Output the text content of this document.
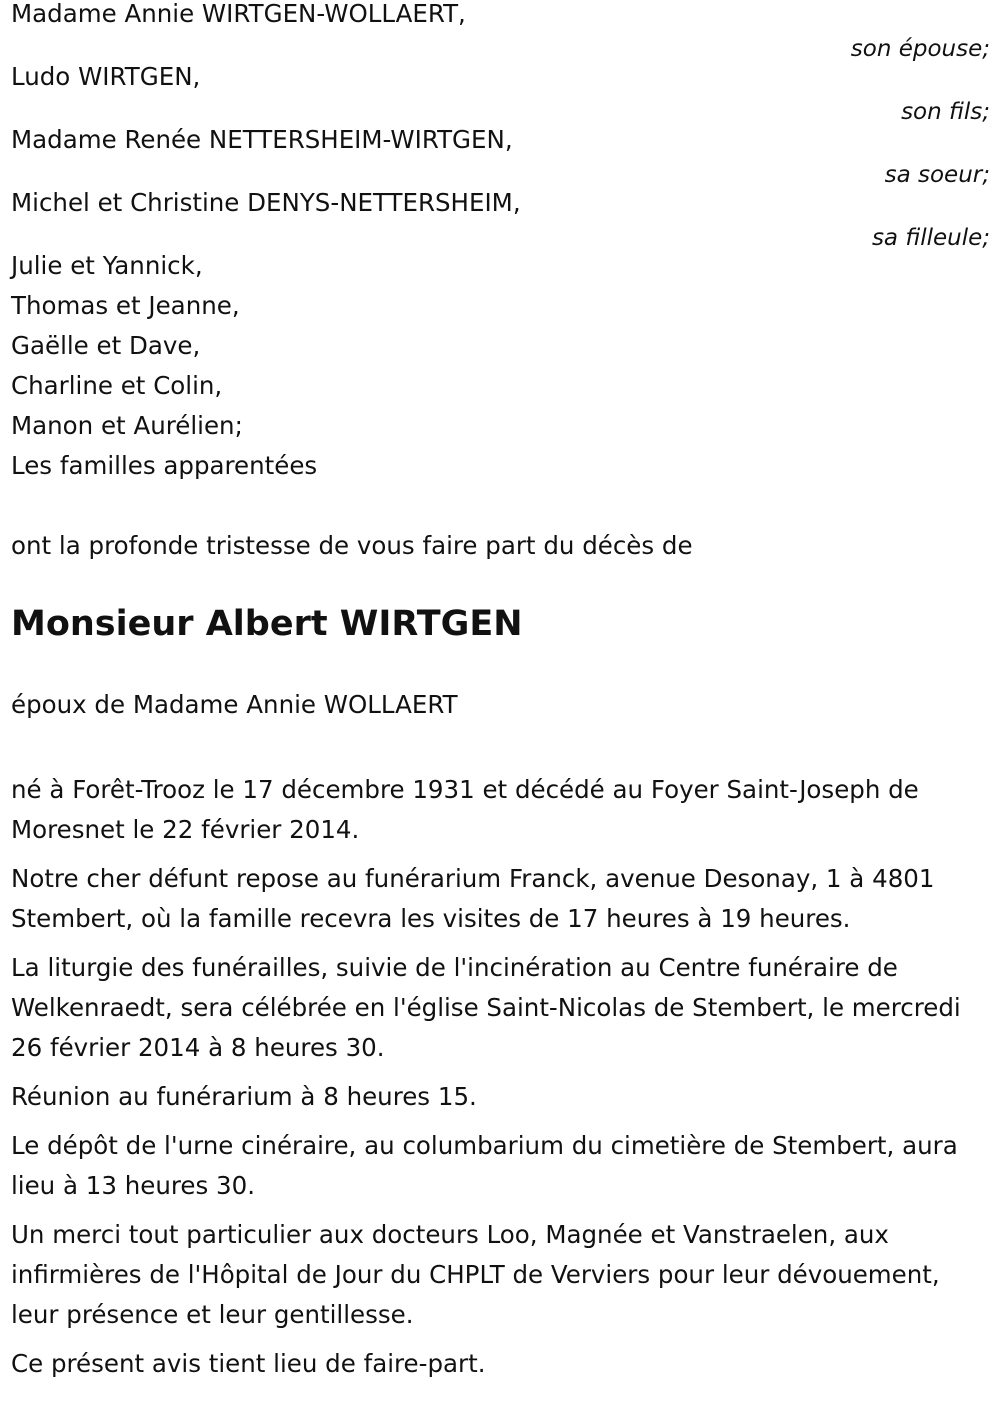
Madame Annie WIRTGEN-WOLLAERT,
son épouse;
Ludo WIRTGEN,
son fils;
Madame Renée NETTERSHEIM-WIRTGEN,
sa soeur;
Michel et Christine DENYS-NETTERSHEIM,
sa filleule;
Julie et Yannick,
Thomas et Jeanne,
Gaëlle et Dave,
Charline et Colin,
Manon et Aurélien;
Les familles apparentées
ont la profonde tristesse de vous faire part du décès de
Monsieur Albert WIRTGEN
époux de Madame Annie WOLLAERT
né à Forêt-Trooz le 17 décembre 1931 et décédé au Foyer Saint-Joseph de Moresnet le 22 février 2014.
Notre cher défunt repose au funérarium Franck, avenue Desonay, 1 à 4801 Stembert, où la famille recevra les visites de 17 heures à 19 heures.
La liturgie des funérailles, suivie de l'incinération au Centre funéraire de Welkenraedt, sera célébrée en l'église Saint-Nicolas de Stembert, le mercredi 26 février 2014 à 8 heures 30.
Réunion au funérarium à 8 heures 15.
Le dépôt de l'urne cinéraire, au columbarium du cimetière de Stembert, aura lieu à 13 heures 30.
Un merci tout particulier aux docteurs Loo, Magnée et Vanstraelen, aux infirmières de l'Hôpital de Jour du CHPLT de Verviers pour leur dévouement, leur présence et leur gentillesse.
Ce présent avis tient lieu de faire-part.
